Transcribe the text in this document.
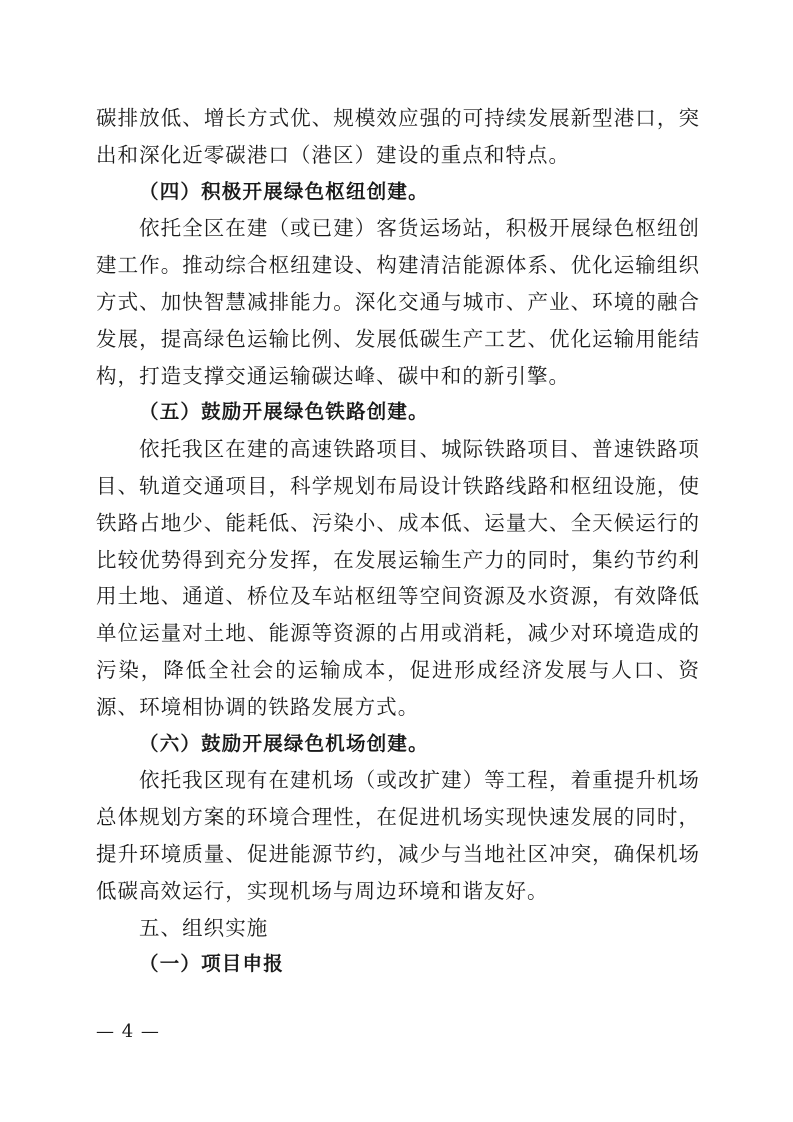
碳排放低、增长方式优、规模效应强的可持续发展新型港口，突出和深化近零碳港口（港区）建设的重点和特点。

（四）积极开展绿色枢纽创建。

依托全区在建（或已建）客货运场站，积极开展绿色枢纽创建工作。推动综合枢纽建设、构建清洁能源体系、优化运输组织方式、加快智慧减排能力。深化交通与城市、产业、环境的融合发展，提高绿色运输比例、发展低碳生产工艺、优化运输用能结构，打造支撑交通运输碳达峰、碳中和的新引擎。

（五）鼓励开展绿色铁路创建。

依托我区在建的高速铁路项目、城际铁路项目、普速铁路项目、轨道交通项目，科学规划布局设计铁路线路和枢纽设施，使铁路占地少、能耗低、污染小、成本低、运量大、全天候运行的比较优势得到充分发挥，在发展运输生产力的同时，集约节约利用土地、通道、桥位及车站枢纽等空间资源及水资源，有效降低单位运量对土地、能源等资源的占用或消耗，减少对环境造成的污染，降低全社会的运输成本，促进形成经济发展与人口、资源、环境相协调的铁路发展方式。

（六）鼓励开展绿色机场创建。

依托我区现有在建机场（或改扩建）等工程，着重提升机场总体规划方案的环境合理性，在促进机场实现快速发展的同时，提升环境质量、促进能源节约，减少与当地社区冲突，确保机场低碳高效运行，实现机场与周边环境和谐友好。

五、组织实施

（一）项目申报

— 4 —
